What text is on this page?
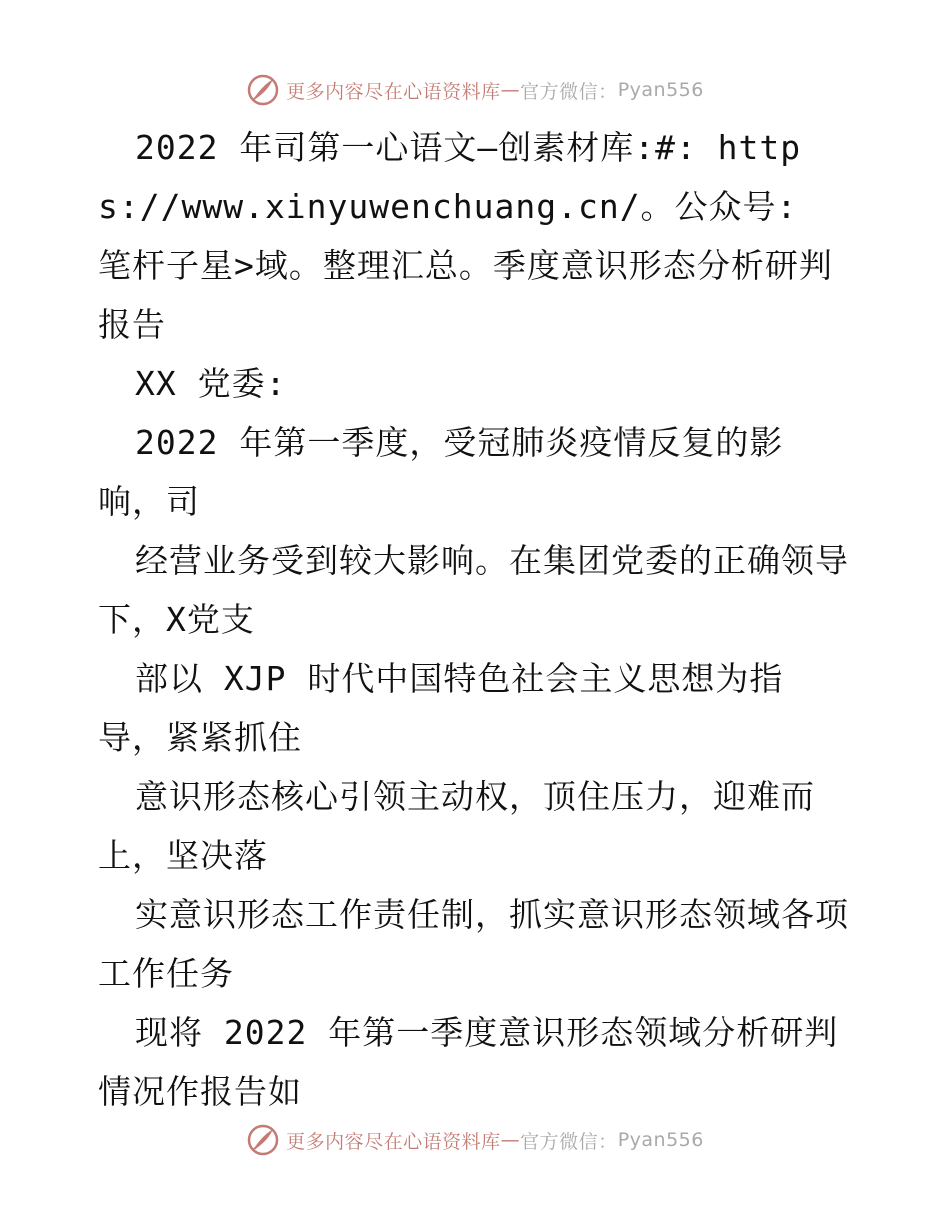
更多内容尽在心语资料库 — 官方微信： Pyan556

2022 年司第一心语文—创素材库:#: https://www.xinyuwenchuang.cn/。公众号: 笔杆子星>域。整理汇总。季度意识形态分析研判报告

XX 党委:

2022 年第一季度，受冠肺炎疫情反复的影响，司

经营业务受到较大影响。在集团党委的正确领导下，X党支

部以 XJP 时代中国特色社会主义思想为指导，紧紧抓住

意识形态核心引领主动权，顶住压力，迎难而上，坚决落

实意识形态工作责任制，抓实意识形态领域各项工作任务

现将 2022 年第一季度意识形态领域分析研判情况作报告如

更多内容尽在心语资料库 — 官方微信： Pyan556
